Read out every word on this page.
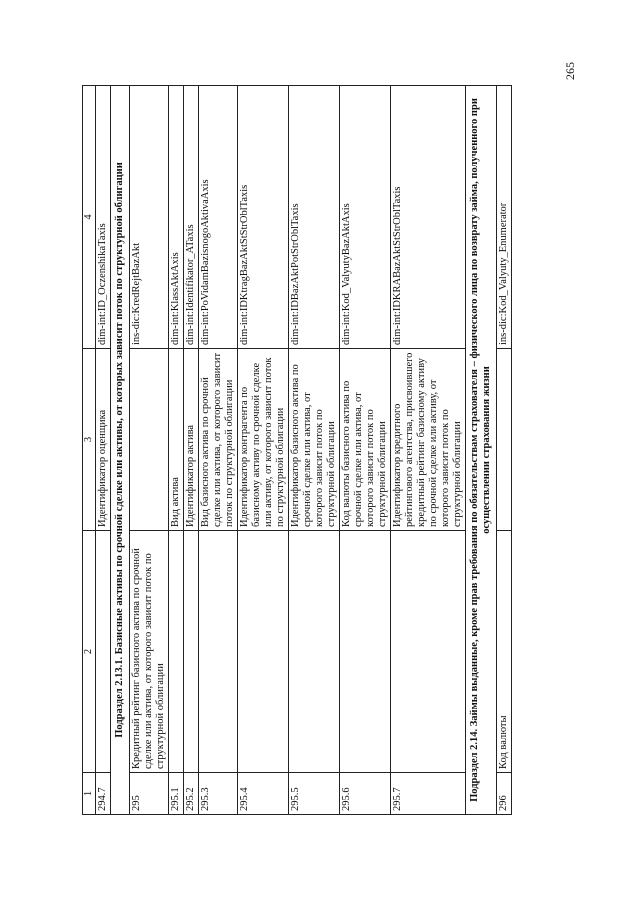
265
1	2	3	4
294.7		Идентификатор оценщика	dim-int:ID_OczenshikaTaxis
Подраздел 2.13.1. Базисные активы по срочной сделке или активы, от которых зависит поток по структурной облигации			
295	Кредитный рейтинг базисного актива по срочной сделке или актива, от которого зависит поток по структурной облигации		ins-dic:KredRejtBazAkt
295.1		Вид актива	dim-int:KlassAktAxis
295.2		Идентификатор актива	dim-int:Identifikator_ATaxis
295.3		Вид базисного актива по срочной сделке или актива, от которого зависит поток по структурной облигации	dim-int:PoVidamBazisnogoAktivaAxis
295.4		Идентификатор контрагента по базисному активу по срочной сделке или активу, от которого зависит поток по структурной облигации	dim-int:IDKtragBazAktStStrOblTaxis
295.5		Идентификатор базисного актива по срочной сделке или актива, от которого зависит поток по структурной облигации	dim-int:IDBazAktPotStrOblTaxis
295.6		Код валюты базисного актива по срочной сделке или актива, от которого зависит поток по структурной облигации	dim-int:Kod_ValyutyBazAktAxis
295.7		Идентификатор кредитного рейтингового агентства, присвоившего кредитный рейтинг базисному активу по срочной сделке или активу, от которого зависит поток по структурной облигации	dim-int:IDKRABazAktStStrOblTaxis
Подраздел 2.14. Займы выданные, кроме прав требования по обязательствам страхователя – физического лица по возврату займа, полученного при осуществлении страхования жизни			
296	Код валюты		ins-dic:Kod_Valyuty_Enumerator
